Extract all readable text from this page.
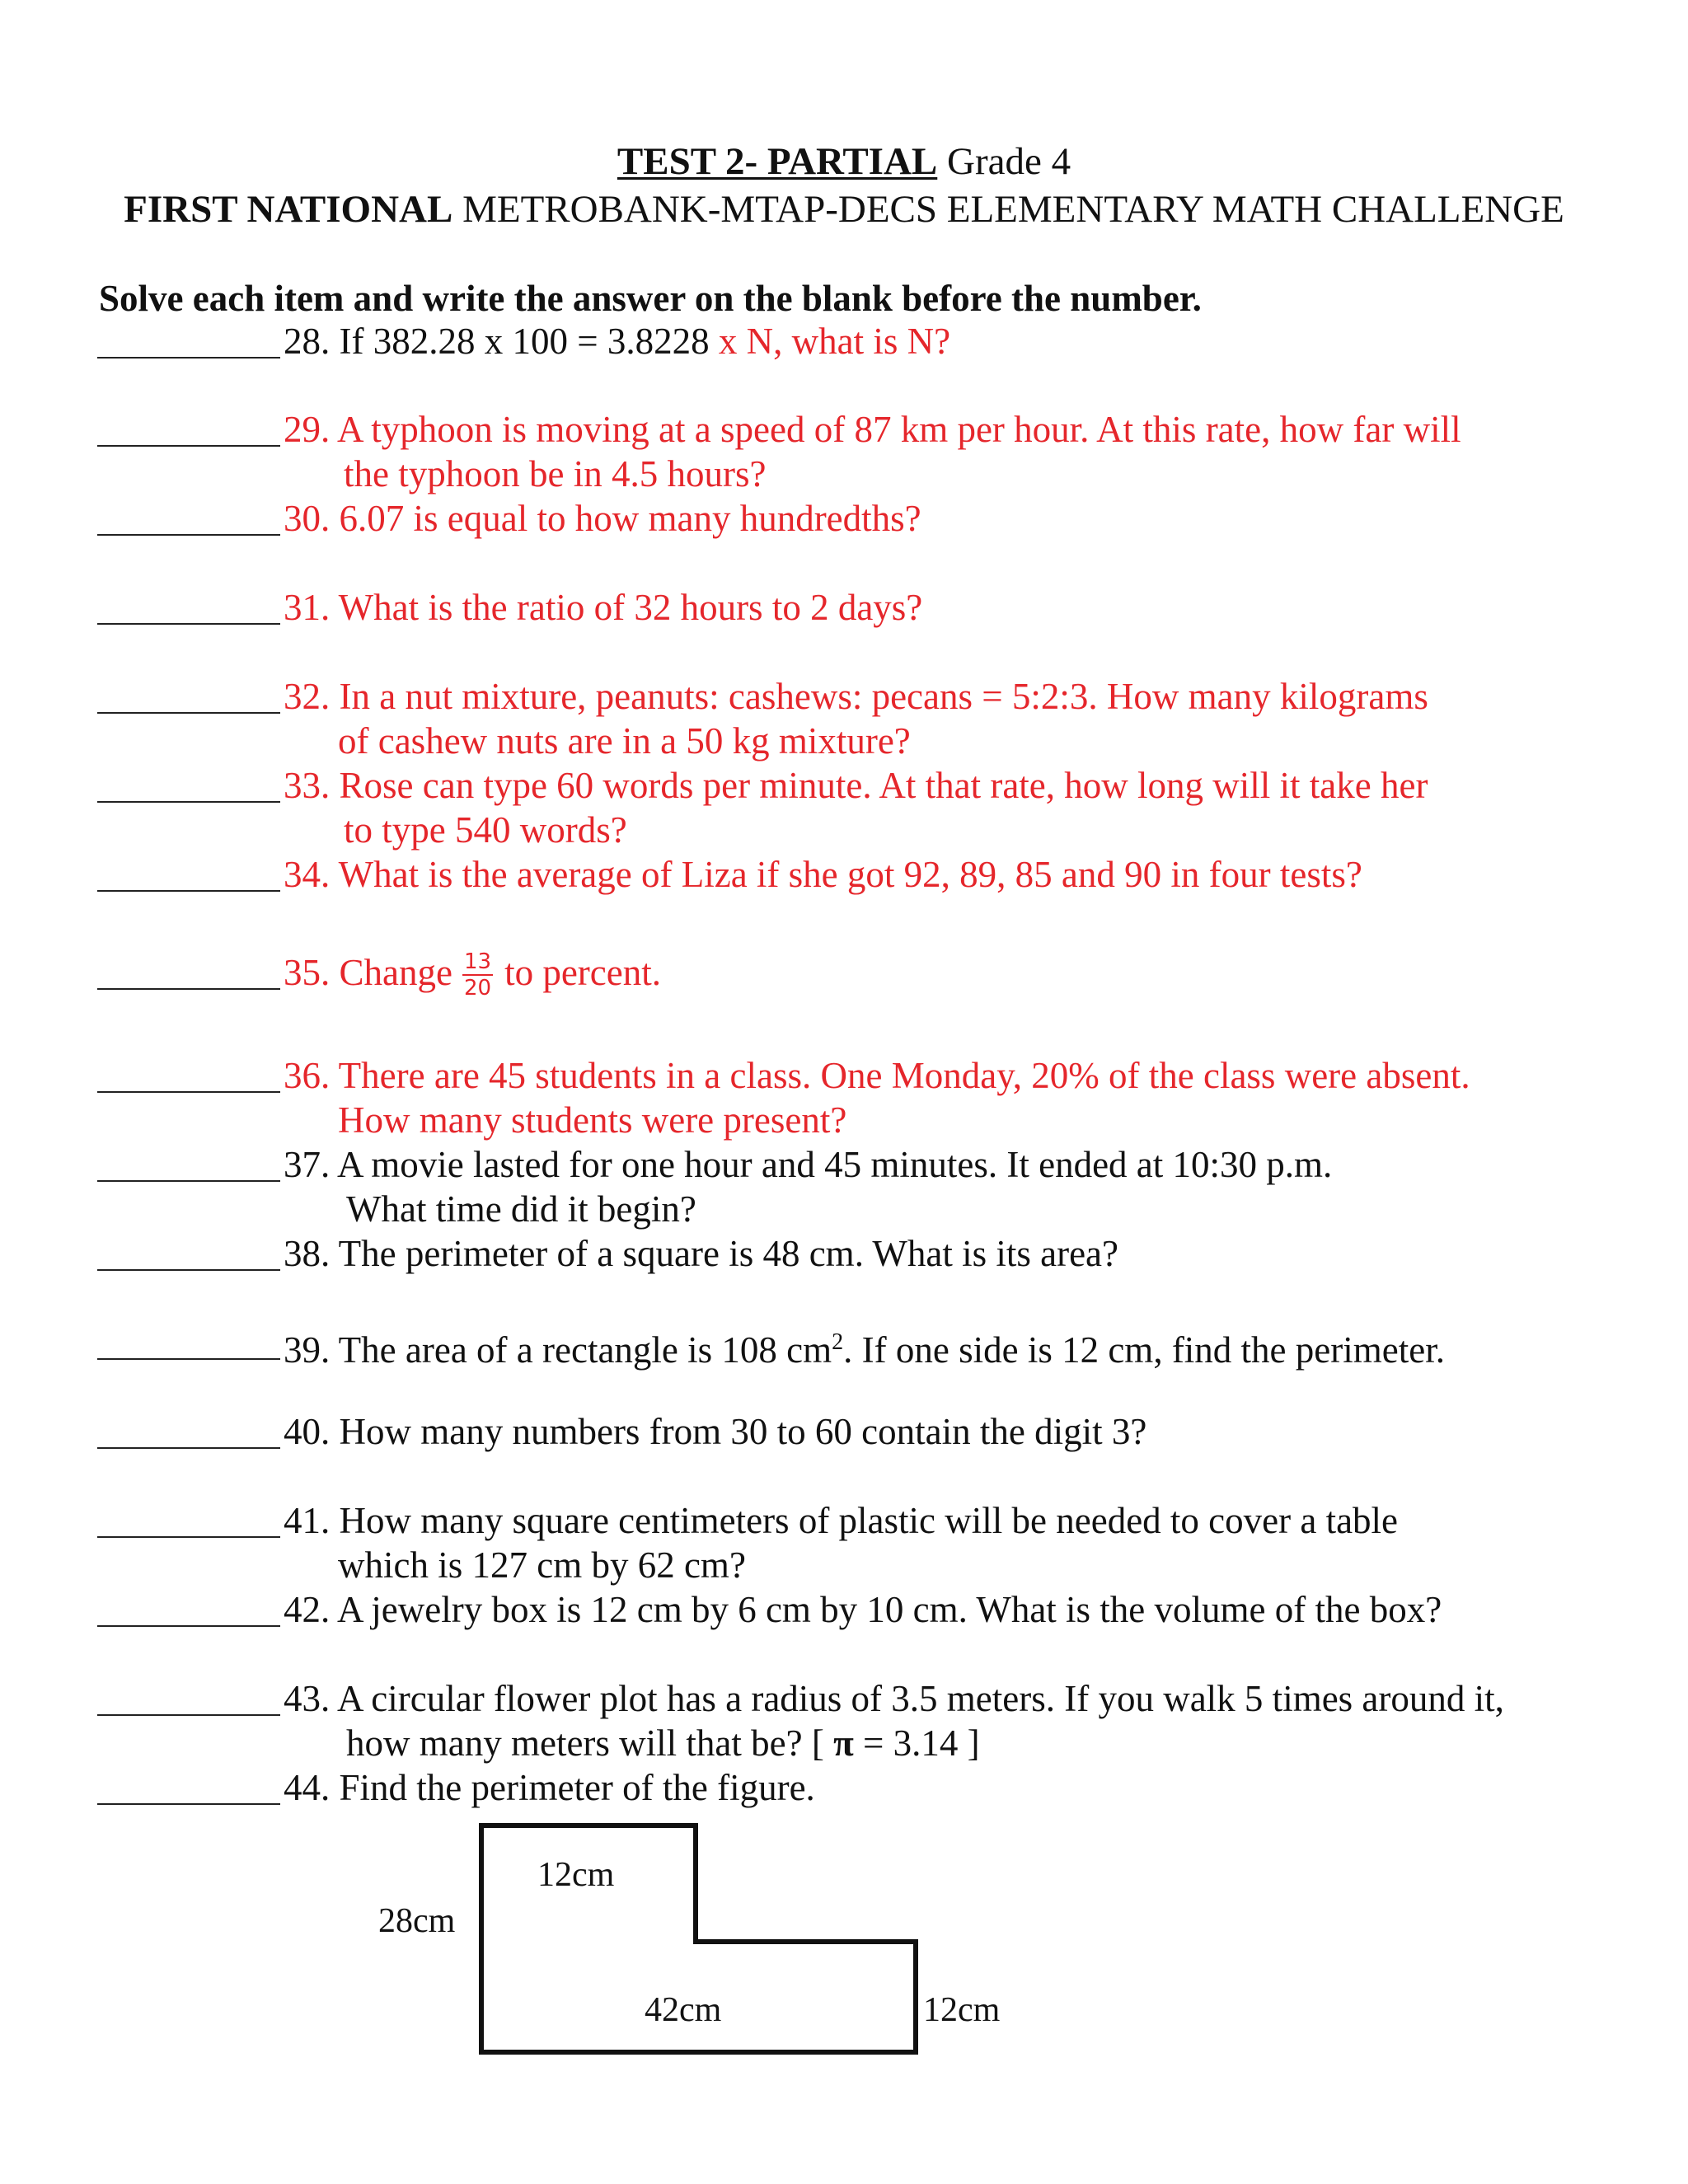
TEST 2- PARTIAL Grade 4
FIRST NATIONAL METROBANK-MTAP-DECS ELEMENTARY MATH CHALLENGE
Solve each item and write the answer on the blank before the number.
28. If 382.28 x 100 = 3.8228 x N, what is N?
29. A typhoon is moving at a speed of 87 km per hour. At this rate, how far will
the typhoon be in 4.5 hours?
30. 6.07 is equal to how many hundredths?
31. What is the ratio of 32 hours to 2 days?
32. In a nut mixture, peanuts: cashews: pecans = 5:2:3. How many kilograms
of cashew nuts are in a 50 kg mixture?
33. Rose can type 60 words per minute. At that rate, how long will it take her
to type 540 words?
34. What is the average of Liza if she got 92, 89, 85 and 90 in four tests?
35. Change $\frac{13}{20}$ to percent.
36. There are 45 students in a class. One Monday, 20% of the class were absent.
How many students were present?
37. A movie lasted for one hour and 45 minutes. It ended at 10:30 p.m.
What time did it begin?
38. The perimeter of a square is 48 cm. What is its area?
39. The area of a rectangle is 108 $cm^2$. If one side is 12 cm, find the perimeter.
40. How many numbers from 30 to 60 contain the digit 3?
41. How many square centimeters of plastic will be needed to cover a table
which is 127 cm by 62 cm?
42. A jewelry box is 12 cm by 6 cm by 10 cm. What is the volume of the box?
43. A circular flower plot has a radius of 3.5 meters. If you walk 5 times around it,
how many meters will that be? [ π = 3.14 ]
44. Find the perimeter of the figure.
12cm
28cm
42cm	12cm
